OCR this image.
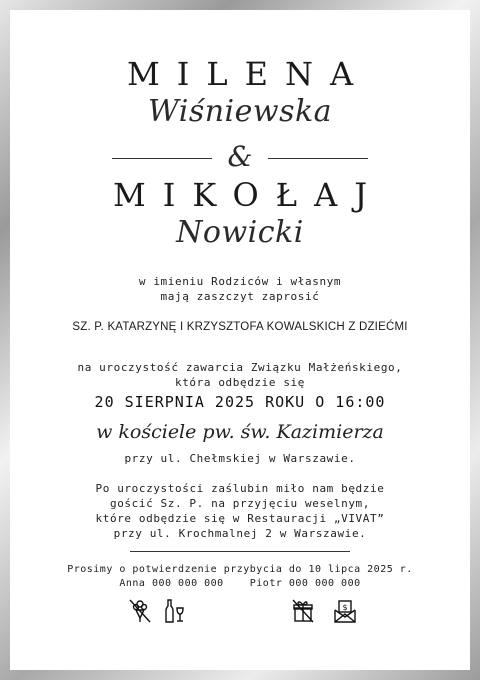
MILENA
Wiśniewska
&
MIKOŁAJ
Nowicki
w imieniu Rodziców i własnym
mają zaszczyt zaprosić
SZ. P. KATARZYNĘ I KRZYSZTOFA KOWALSKICH Z DZIEĆMI
na uroczystość zawarcia Związku Małżeńskiego,
która odbędzie się
20 SIERPNIA 2025 ROKU O 16:00
w kościele pw. św. Kazimierza
przy ul. Chełmskiej w Warszawie.
Po uroczystości zaślubin miło nam będzie
gościć Sz. P. na przyjęciu weselnym,
które odbędzie się w Restauracji „VIVAT”
przy ul. Krochmalnej 2 w Warszawie.
Prosimy o potwierdzenie przybycia do 10 lipca 2025 r.
Anna 000 000 000    Piotr 000 000 000
$
